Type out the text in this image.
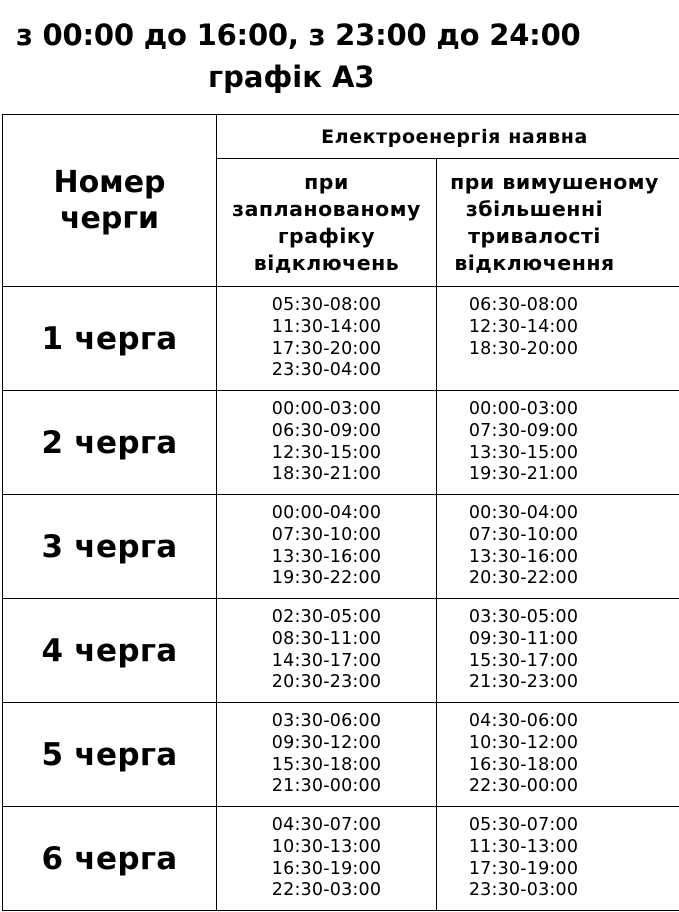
з 00:00 до 16:00, з 23:00 до 24:00
графік А3
Номер
черги	Електроенергія наявна	

	при
запланованому
графіку
відключень	при вимушеному
збільшенні
тривалості
відключення

1 черга	05:30-08:00
11:30-14:00
17:30-20:00
23:30-04:00	06:30-08:00
12:30-14:00
18:30-20:00

2 черга	00:00-03:00
06:30-09:00
12:30-15:00
18:30-21:00	00:00-03:00
07:30-09:00
13:30-15:00
19:30-21:00

3 черга	00:00-04:00
07:30-10:00
13:30-16:00
19:30-22:00	00:30-04:00
07:30-10:00
13:30-16:00
20:30-22:00

4 черга	02:30-05:00
08:30-11:00
14:30-17:00
20:30-23:00	03:30-05:00
09:30-11:00
15:30-17:00
21:30-23:00

5 черга	03:30-06:00
09:30-12:00
15:30-18:00
21:30-00:00	04:30-06:00
10:30-12:00
16:30-18:00
22:30-00:00

6 черга	04:30-07:00
10:30-13:00
16:30-19:00
22:30-03:00	05:30-07:00
11:30-13:00
17:30-19:00
23:30-03:00
